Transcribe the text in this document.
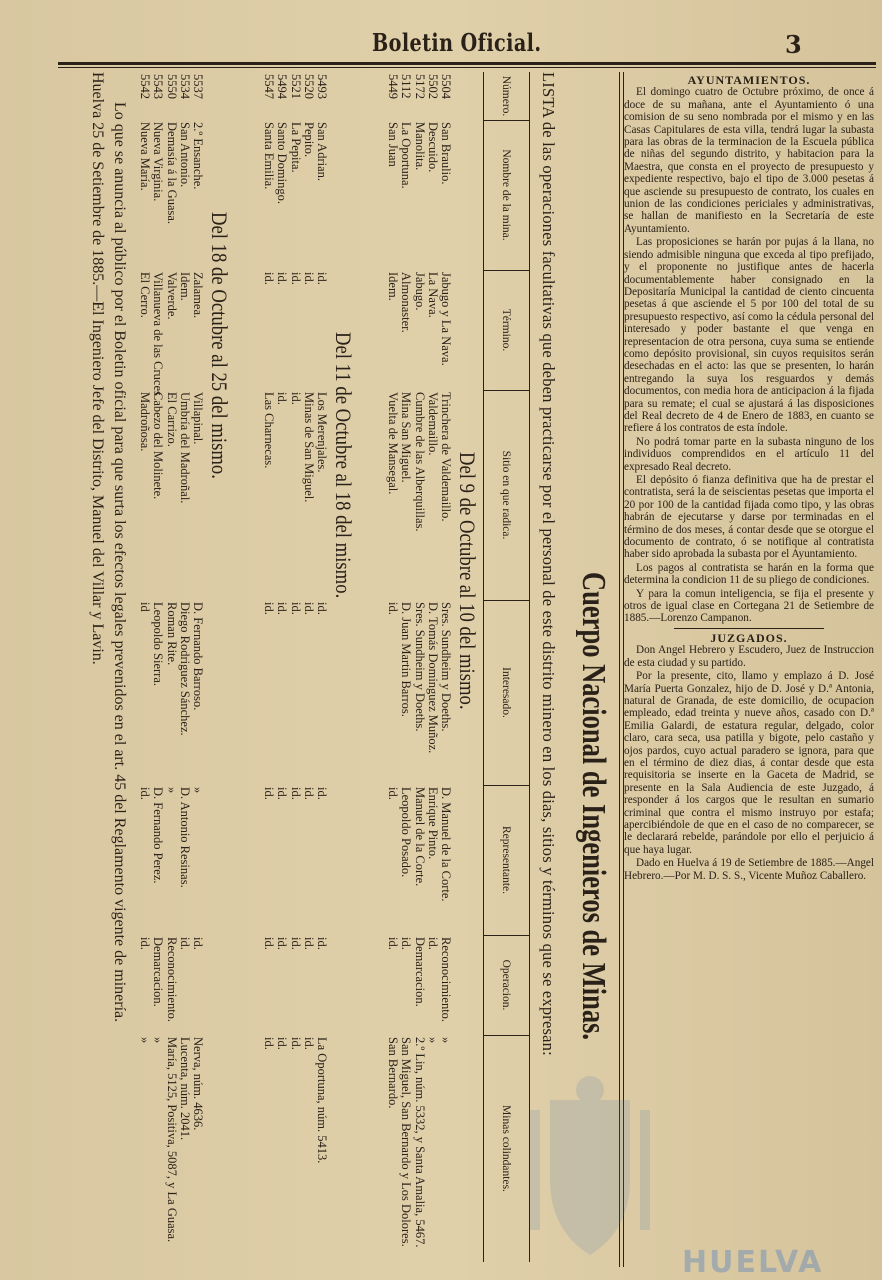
Boletin Oficial.	3
Cuerpo Nacional de Ingenieros de Minas.
LISTA de las operaciones facultativas que deben practicarse por el personal de este distrito minero en los dias, sitios y términos que se expresan:
Número.
Nombre de la mina.
Término.
Sitio en que radica.
Interesado.
Representante.
Operacion.
Minas colindantes.
Del 9 de Octubre al 10 del mismo.
5504
San Braulio.
Jabugo y La Nava.
Trinchera de Valdemaillo.
Sres. Sundheim y Doeths.
D. Manuel de la Corte.
Reconocimiento.
»
5502
Descuido.
La Nava.
Valdemaillo.
D. Tomás Dominguez Muñoz.
Enrique Pinto.
id.
»
5172
Manolita.
Jabugo.
Cumbre de las Alberquillas.
Sres. Sundheim y Doeths.
Manuel de la Corte.
Demarcacion.
2.º Lin, núm. 5332, y Santa Amalia, 5467.
5112
La Oportuna.
Almonaster.
Mina San Miguel.
D. Juan Martin Barros.
Leopoldo Posado.
id.
San Miguel, San Bernardo y Los Dolores.
5449
San Juan
Idem.
Vuelta de Mansegal.
id.
id.
id.
San Bernardo.
Del 11 de Octubre al 18 del mismo.
5493
San Adrian.
id.
Los Merenjales.
id.
id.
id.
La Oportuna, núm. 5413.
5520
Pepito.
id.
Minas de San Miguel.
id.
id.
id.
id.
5521
La Pepita.
id.
id.
id.
id.
id.
id.
5494
Santo Domingo.
id.
id.
id.
id.
id.
id.
5547
Santa Emilia.
id.
Las Charnecas.
id.
id.
id.
id.
Del 18 de Octubre al 25 del mismo.
5537
2.º Ensanche.
Zalamea.
Villapinal.
D. Fernando Barroso.
»
id.
Nerva, núm. 4636.
5534
San Antonio.
Idem.
Umbría del Madroñal.
Diego Rodriguez Sánchez.
D. Antonio Resinas.
id.
Lucenta, núm. 2041.
5550
Demasía á la Guasa.
Valverde.
El Carrizo.
Roman Rite.
»
Reconocimiento.
María, 5125, Positiva, 5087, y La Guasa.
5543
Nueva Virginia.
Villanueva de las Cruces
Cabezo del Molinete.
Leopoldo Sierra.
D. Fernando Perez.
Demarcacion.
»
5542
Nueva María.
El Cerro.
Madroñosa.
id
id.
id.
»
Lo que se anuncia al público por el Boletin oficial para que surta los efectos legales prevenidos en el art. 45 del Reglamento vigente de minería.
Huelva 25 de Setiembre de 1885.—El Ingeniero Jefe del Distrito, Manuel del Villar y Lavin.	AYUNTAMIENTOS.

El domingo cuatro de Octubre próximo, de once á doce de su mañana, ante el Ayuntamiento ó una comision de su seno nombrada por el mismo y en las Casas Capitulares de esta villa, tendrá lugar la subasta para las obras de la terminacion de la Escuela pública de niñas del segundo distrito, y habitacion para la Maestra, que consta en el proyecto de presupuesto y expediente respectivo, bajo el tipo de 3.000 pesetas á que asciende su presupuesto de contrato, los cuales en union de las condiciones periciales y administrativas, se hallan de manifiesto en la Secretaría de este Ayuntamiento.

Las proposiciones se harán por pujas á la llana, no siendo admisible ninguna que exceda al tipo prefijado, y el proponente no justifique antes de hacerla documentablemente haber consignado en la Depositaría Municipal la cantidad de ciento cincuenta pesetas á que asciende el 5 por 100 del total de su presupuesto respectivo, así como la cédula personal del interesado y poder bastante el que venga en representacion de otra persona, cuya suma se entiende como depósito provisional, sin cuyos requisitos serán desechadas en el acto: las que se presenten, lo harán entregando la suya los resguardos y demás documentos, con media hora de anticipacion á la fijada para su remate; el cual se ajustará á las disposiciones del Real decreto de 4 de Enero de 1883, en cuanto se refiere á los contratos de esta índole.

No podrá tomar parte en la subasta ninguno de los individuos comprendidos en el artículo 11 del expresado Real decreto.

El depósito ó fianza definitiva que ha de prestar el contratista, será la de seiscientas pesetas que importa el 20 por 100 de la cantidad fijada como tipo, y las obras habrán de ejecutarse y darse por terminadas en el término de dos meses, á contar desde que se otorgue el documento de contrato, ó se notifique al contratista haber sido aprobada la subasta por el Ayuntamiento.

Los pagos al contratista se harán en la forma que determina la condicion 11 de su pliego de condiciones.

Y para la comun inteligencia, se fija el presente y otros de igual clase en Cortegana 21 de Setiembre de 1885.—Lorenzo Campanon.

JUZGADOS.

Don Angel Hebrero y Escudero, Juez de Instruccion de esta ciudad y su partido.

Por la presente, cito, llamo y emplazo á D. José María Puerta Gonzalez, hijo de D. José y D.ª Antonia, natural de Granada, de este domicilio, de ocupacion empleado, edad treinta y nueve años, casado con D.ª Emilia Galardi, de estatura regular, delgado, color claro, cara seca, usa patilla y bigote, pelo castaño y ojos pardos, cuyo actual paradero se ignora, para que en el término de diez dias, á contar desde que esta requisitoria se inserte en la Gaceta de Madrid, se presente en la Sala Audiencia de este Juzgado, á responder á los cargos que le resultan en sumario criminal que contra el mismo instruyo por estafa; apercibiéndole de que en el caso de no comparecer, se le declarará rebelde, parándole por ello el perjuicio á que haya lugar.

Dado en Huelva á 19 de Setiembre de 1885.—Angel Hebrero.—Por M. D. S. S., Vicente Muñoz Caballero.

HUELVA
